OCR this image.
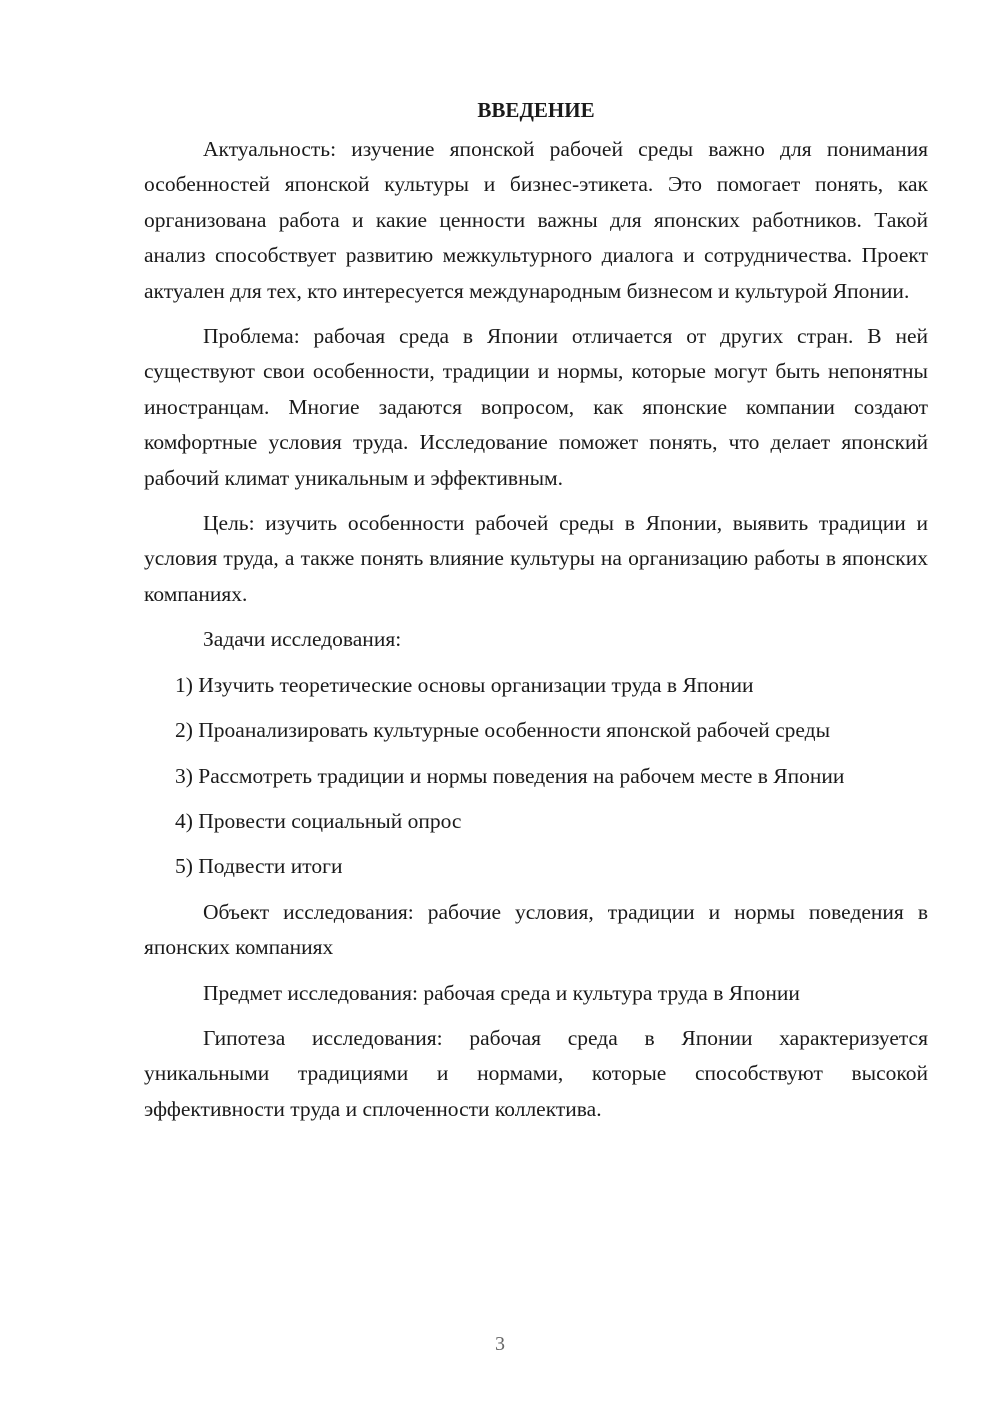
ВВЕДЕНИЕ

Актуальность: изучение японской рабочей среды важно для понимания особенностей японской культуры и бизнес-этикета. Это помогает понять, как организована работа и какие ценности важны для японских работников. Такой анализ способствует развитию межкультурного диалога и сотрудничества. Проект актуален для тех, кто интересуется международным бизнесом и культурой Японии.

Проблема: рабочая среда в Японии отличается от других стран. В ней существуют свои особенности, традиции и нормы, которые могут быть непонятны иностранцам. Многие задаются вопросом, как японские компании создают комфортные условия труда. Исследование поможет понять, что делает японский рабочий климат уникальным и эффективным.

Цель: изучить особенности рабочей среды в Японии, выявить традиции и условия труда, а также понять влияние культуры на организацию работы в японских компаниях.

Задачи исследования:

1) Изучить теоретические основы организации труда в Японии

2) Проанализировать культурные особенности японской рабочей среды

3) Рассмотреть традиции и нормы поведения на рабочем месте в Японии

4) Провести социальный опрос

5) Подвести итоги

Объект исследования: рабочие условия, традиции и нормы поведения в японских компаниях

Предмет исследования: рабочая среда и культура труда в Японии

Гипотеза исследования: рабочая среда в Японии характеризуется уникальными традициями и нормами, которые способствуют высокой эффективности труда и сплоченности коллектива.

3
